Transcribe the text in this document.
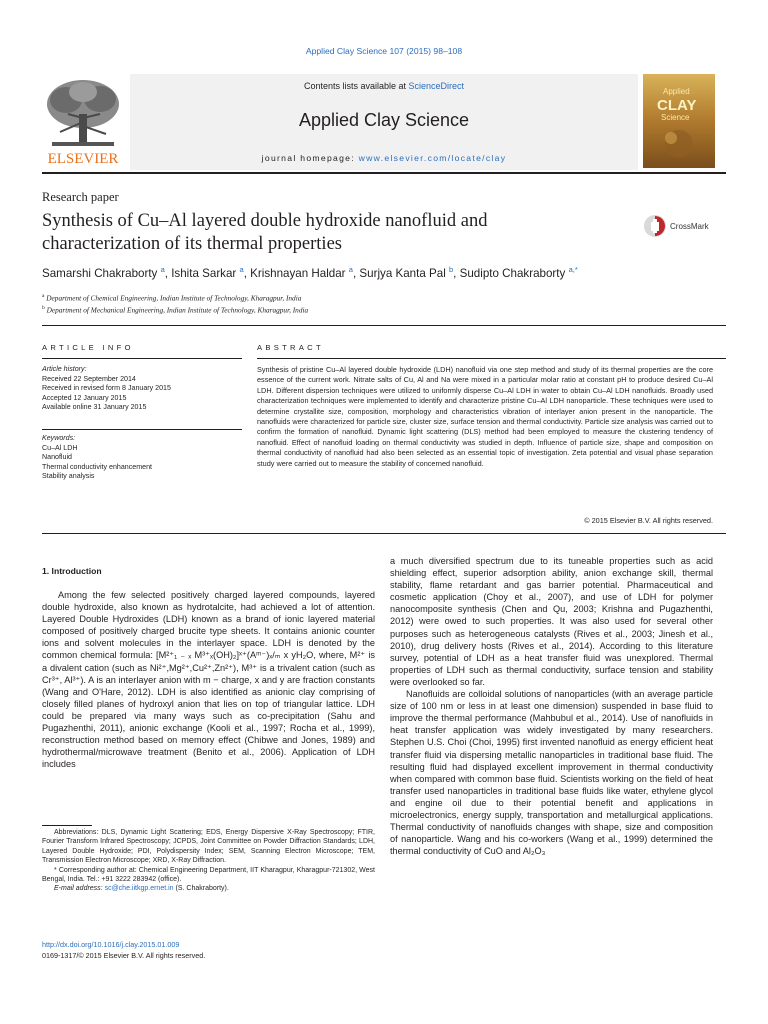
Applied Clay Science 107 (2015) 98–108
Contents lists available at ScienceDirect
Applied Clay Science
journal homepage: www.elsevier.com/locate/clay
ELSEVIER
Applied
CLAY
Science
Research paper
Synthesis of Cu–Al layered double hydroxide nanofluid and characterization of its thermal properties
CrossMark
Samarshi Chakraborty $^a$, Ishita Sarkar $^a$, Krishnayan Haldar $^a$, Surjya Kanta Pal $^b$, Sudipto Chakraborty $^{a,*}$
$^a$ Department of Chemical Engineering, Indian Institute of Technology, Kharagpur, India
$^b$ Department of Mechanical Engineering, Indian Institute of Technology, Kharagpur, India
ARTICLE INFO	ABSTRACT
Article history:
Received 22 September 2014
Received in revised form 8 January 2015
Accepted 12 January 2015
Available online 31 January 2015
Keywords:
Cu–Al LDH
Nanofluid
Thermal conductivity enhancement
Stability analysis
Synthesis of pristine Cu–Al layered double hydroxide (LDH) nanofluid via one step method and study of its thermal properties are the core essence of the current work. Nitrate salts of Cu, Al and Na were mixed in a particular molar ratio at constant pH to produce desired Cu–Al LDH. Different dispersion techniques were utilized to uniformly disperse Cu–Al LDH in water to obtain Cu–Al LDH nanofluids. Broadly used characterization techniques were implemented to identify and characterize pristine Cu–Al LDH nanoparticle. These techniques were used to determine crystallite size, composition, morphology and characteristics vibration of interlayer anion present in the nanoparticle. The nanofluids were characterized for particle size, cluster size, surface tension and thermal conductivity. Particle size analysis was carried out to confirm the formation of nanofluid. Dynamic light scattering (DLS) method had been employed to measure the clustering tendency of nanofluid. Effect of nanofluid loading on thermal conductivity was studied in depth. Influence of particle size, shape and composition on thermal conductivity of nanofluid had also been selected as an essential topic of investigation. Zeta potential and visual phase separation study were carried out to measure the stability of concerned nanofluid.
© 2015 Elsevier B.V. All rights reserved.
1. Introduction
Among the few selected positively charged layered compounds, layered double hydroxide, also known as hydrotalcite, had achieved a lot of attention. Layered Double Hydroxides (LDH) known as a brand of ionic layered material composed of positively charged brucite type sheets. It contains anionic counter ions and solvent molecules in the interlayer space. LDH is denoted by the common chemical formula: [M²⁺₁ ₋ ₓ M³⁺ₓ(OH)₂]ˣ⁺(Aᵐ⁻)ₓ/ₘ x yH₂O, where, M²⁺ is a divalent cation (such as Ni²⁺,Mg²⁺,Cu²⁺,Zn²⁺), M³⁺ is a trivalent cation (such as Cr³⁺, Al³⁺). A is an interlayer anion with m − charge, x and y are fraction constants (Wang and O'Hare, 2012). LDH is also identified as anionic clay comprising of closely filled planes of hydroxyl anion that lies on top of triangular lattice. LDH could be prepared via many ways such as co-precipitation (Sahu and Pugazhenthi, 2011), anionic exchange (Kooli et al., 1997; Rocha et al., 1999), reconstruction method based on memory effect (Chibwe and Jones, 1989) and hydrothermal/microwave treatment (Benito et al., 2006). Application of LDH includes

a much diversified spectrum due to its tuneable properties such as acid shielding effect, superior adsorption ability, anion exchange skill, thermal stability, flame retardant and gas barrier potential. Pharmaceutical and cosmetic application (Choy et al., 2007), and use of LDH for polymer nanocomposite synthesis (Chen and Qu, 2003; Krishna and Pugazhenthi, 2012) were owed to such properties. It was also used for several other purposes such as heterogeneous catalysts (Rives et al., 2003; Jinesh et al., 2010), drug delivery hosts (Rives et al., 2014). According to this literature survey, potential of LDH as a heat transfer fluid was unexplored. Thermal properties of LDH such as thermal conductivity, surface tension and stability were overlooked so far.

Nanofluids are colloidal solutions of nanoparticles (with an average particle size of 100 nm or less in at least one dimension) suspended in base fluid to improve the thermal performance (Mahbubul et al., 2014). Use of nanofluids in heat transfer application was widely investigated by many researchers. Stephen U.S. Choi (Choi, 1995) first invented nanofluid as energy efficient heat transfer fluid via dispersing metallic nanoparticles in traditional base fluid. The resulting fluid had displayed excellent improvement in thermal conductivity when compared with common base fluid. Scientists working on the field of heat transfer used nanoparticles in traditional base fluids like water, ethylene glycol and engine oil due to their potential benefit and applications in microelectronics, energy supply, transportation and metallurgical applications. Thermal conductivity of nanofluids changes with shape, size and composition of nanoparticle. Wang and his co-workers (Wang et al., 1999) determined the thermal conductivity of CuO and Al₂O₃

Abbreviations: DLS, Dynamic Light Scattering; EDS, Energy Dispersive X-Ray Spectroscopy; FTIR, Fourier Transform Infrared Spectroscopy; JCPDS, Joint Committee on Powder Diffraction Standards; LDH, Layered Double Hydroxide; PDI, Polydispersity Index; SEM, Scanning Electron Microscope; TEM, Transmission Electron Microscope; XRD, X-Ray Diffraction.

* Corresponding author at: Chemical Engineering Department, IIT Kharagpur, Kharagpur-721302, West Bengal, India. Tel.: +91 3222 283942 (office).

E-mail address: sc@che.iitkgp.ernet.in (S. Chakraborty).

http://dx.doi.org/10.1016/j.clay.2015.01.009
0169-1317/© 2015 Elsevier B.V. All rights reserved.
